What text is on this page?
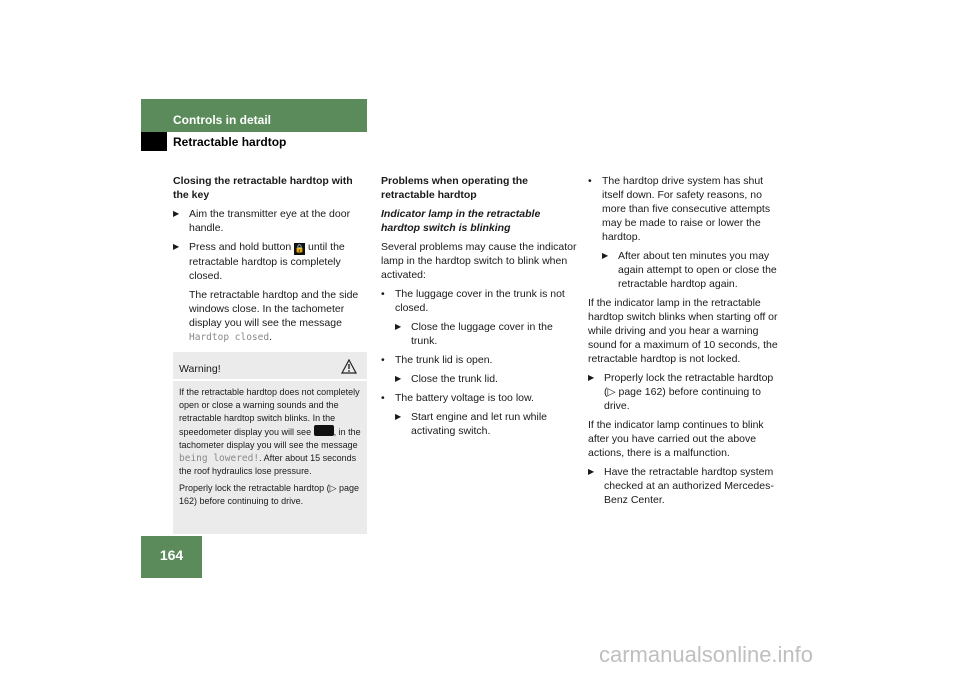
Controls in detail
Retractable hardtop

Closing the retractable hardtop with the key

▶ Aim the transmitter eye at the door handle.
▶ Press and hold button 🔒 until the retractable hardtop is completely closed.
The retractable hardtop and the side windows close. In the tachometer display you will see the message Hardtop closed.
Warning!

If the retractable hardtop does not completely open or close a warning sounds and the retractable hardtop switch blinks. In the speedometer display you will see , in the tachometer display you will see the message being lowered!. After about 15 seconds the roof hydraulics lose pressure.

Properly lock the retractable hardtop (▷ page 162) before continuing to drive.

Problems when operating the retractable hardtop

Indicator lamp in the retractable hardtop switch is blinking

Several problems may cause the indicator lamp in the hardtop switch to blink when activated:

• The luggage cover in the trunk is not closed.
▶ Close the luggage cover in the trunk.
• The trunk lid is open.
▶ Close the trunk lid.
• The battery voltage is too low.
▶ Start engine and let run while activating switch.
• The hardtop drive system has shut itself down. For safety reasons, no more than five consecutive attempts may be made to raise or lower the hardtop.
▶ After about ten minutes you may again attempt to open or close the retractable hardtop again.

If the indicator lamp in the retractable hardtop switch blinks when starting off or while driving and you hear a warning sound for a maximum of 10 seconds, the retractable hardtop is not locked.

▶ Properly lock the retractable hardtop (▷ page 162) before continuing to drive.

If the indicator lamp continues to blink after you have carried out the above actions, there is a malfunction.

▶ Have the retractable hardtop system checked at an authorized Mercedes-Benz Center.
164
carmanualsonline.info
